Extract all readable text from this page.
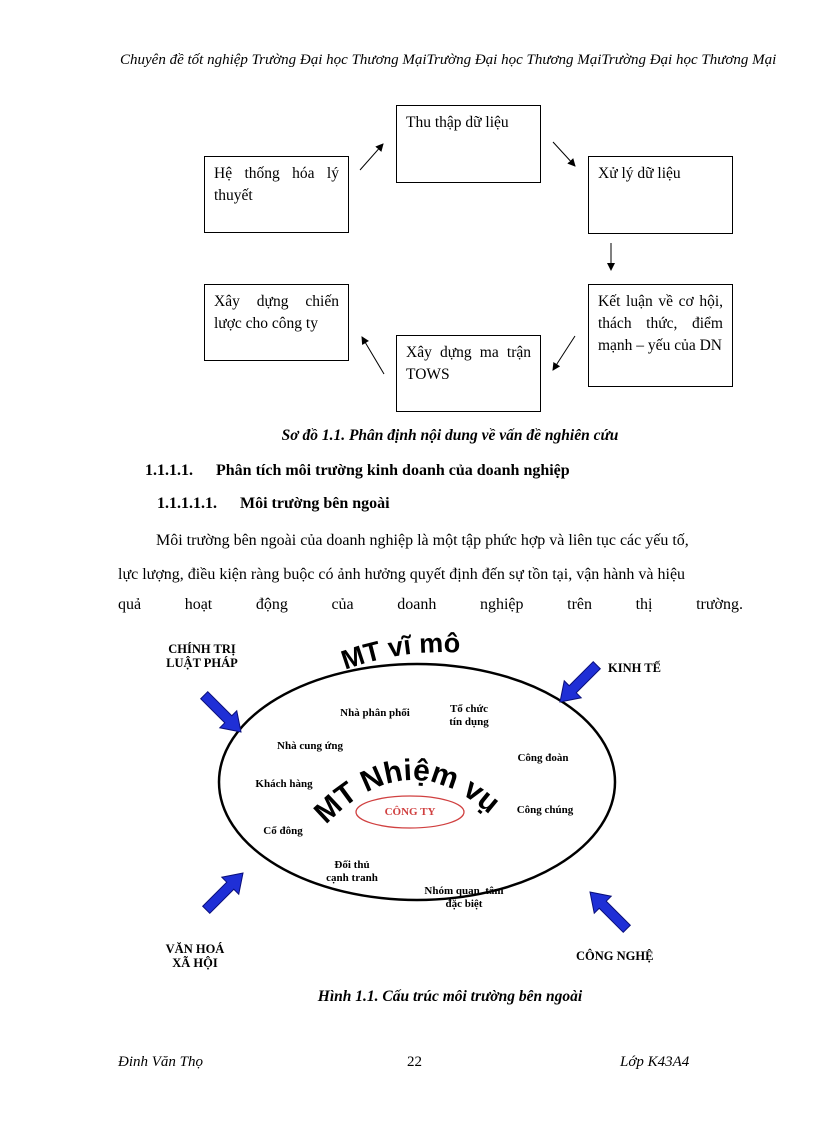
Chuyên đề tốt nghiệp Trường Đại học Thương MạiTrường Đại học Thương MạiTrường Đại học Thương Mại
Thu thập dữ liệu
Xử lý dữ liệu
Kết luận về cơ hội, thách thức, điểm mạnh – yếu của DN
Xây dựng ma trận TOWS
Xây dựng chiến lược cho công ty
Hệ thống hóa lý thuyết
Sơ đồ 1.1. Phân định nội dung về vấn đề nghiên cứu
1.1.1.1. Phân tích môi trường kinh doanh của doanh nghiệp
1.1.1.1.1. Môi trường bên ngoài
Môi trường bên ngoài của doanh nghiệp là một tập phức hợp và liên tục các yếu tố,
lực lượng, điều kiện ràng buộc có ảnh hưởng quyết định đến sự tồn tại, vận hành và hiệu
quả hoạt động của doanh nghiệp trên thị trường.
MT vĩ mô
MT Nhiệm vụ
CÔNG TY
CHÍNH TRỊ
LUẬT PHÁP	KINH TẾ
VĂN HOÁ
XÃ HỘI	CÔNG NGHỆ
Nhà phân phối	Tổ chức
tín dụng
Nhà cung ứng
Công đoàn
Khách hàng
Công chúng
Cổ đông
Đối thủ
cạnh tranh

Nhóm quan  tâm
đặc biệt

Hình 1.1. Cấu trúc môi trường bên ngoài
Đinh Văn Thọ	22	Lớp K43A4
